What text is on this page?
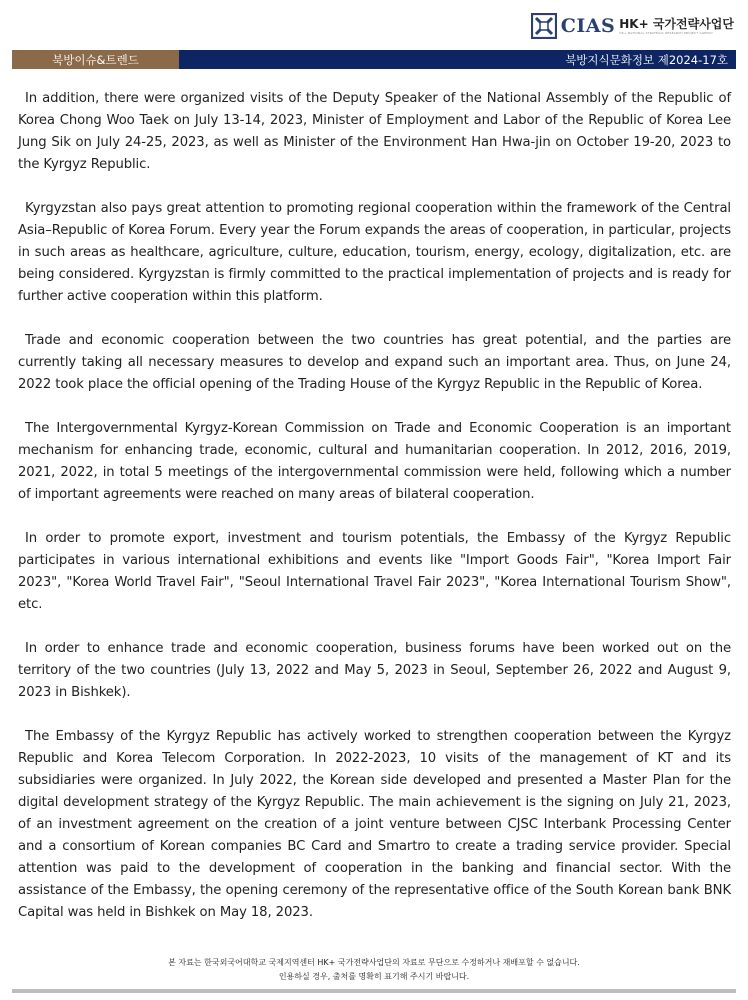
CIAS HK+ 국가전략사업단
HK+ NATIONAL STRATEGIC RESEARCH PROJECT AGENCY
북방이슈&트렌드	북방지식문화정보 제2024-17호

In addition, there were organized visits of the Deputy Speaker of the National Assembly of the Republic of Korea Chong Woo Taek on July 13-14, 2023, Minister of Employment and Labor of the Republic of Korea Lee Jung Sik on July 24-25, 2023, as well as Minister of the Environment Han Hwa-jin on October 19-20, 2023 to the Kyrgyz Republic.

Kyrgyzstan also pays great attention to promoting regional cooperation within the framework of the Central Asia–Republic of Korea Forum. Every year the Forum expands the areas of cooperation, in particular, projects in such areas as healthcare, agriculture, culture, education, tourism, energy, ecology, digitalization, etc. are being considered. Kyrgyzstan is firmly committed to the practical implementation of projects and is ready for further active cooperation within this platform.

Trade and economic cooperation between the two countries has great potential, and the parties are currently taking all necessary measures to develop and expand such an important area. Thus, on June 24, 2022 took place the official opening of the Trading House of the Kyrgyz Republic in the Republic of Korea.

The Intergovernmental Kyrgyz-Korean Commission on Trade and Economic Cooperation is an important mechanism for enhancing trade, economic, cultural and humanitarian cooperation. In 2012, 2016, 2019, 2021, 2022, in total 5 meetings of the intergovernmental commission were held, following which a number of important agreements were reached on many areas of bilateral cooperation.

In order to promote export, investment and tourism potentials, the Embassy of the Kyrgyz Republic participates in various international exhibitions and events like "Import Goods Fair", "Korea Import Fair 2023", "Korea World Travel Fair", "Seoul International Travel Fair 2023", "Korea International Tourism Show", etc.

In order to enhance trade and economic cooperation, business forums have been worked out on the territory of the two countries (July 13, 2022 and May 5, 2023 in Seoul, September 26, 2022 and August 9, 2023 in Bishkek).

The Embassy of the Kyrgyz Republic has actively worked to strengthen cooperation between the Kyrgyz Republic and Korea Telecom Corporation. In 2022-2023, 10 visits of the management of KT and its subsidiaries were organized. In July 2022, the Korean side developed and presented a Master Plan for the digital development strategy of the Kyrgyz Republic. The main achievement is the signing on July 21, 2023, of an investment agreement on the creation of a joint venture between CJSC Interbank Processing Center and a consortium of Korean companies BC Card and Smartro to create a trading service provider. Special attention was paid to the development of cooperation in the banking and financial sector. With the assistance of the Embassy, the opening ceremony of the representative office of the South Korean bank BNK Capital was held in Bishkek on May 18, 2023.

본 자료는 한국외국어대학교 국제지역센터 HK+ 국가전략사업단의 자료로 무단으로 수정하거나 재배포할 수 없습니다.
인용하실 경우, 출처를 명확히 표기해 주시기 바랍니다.
